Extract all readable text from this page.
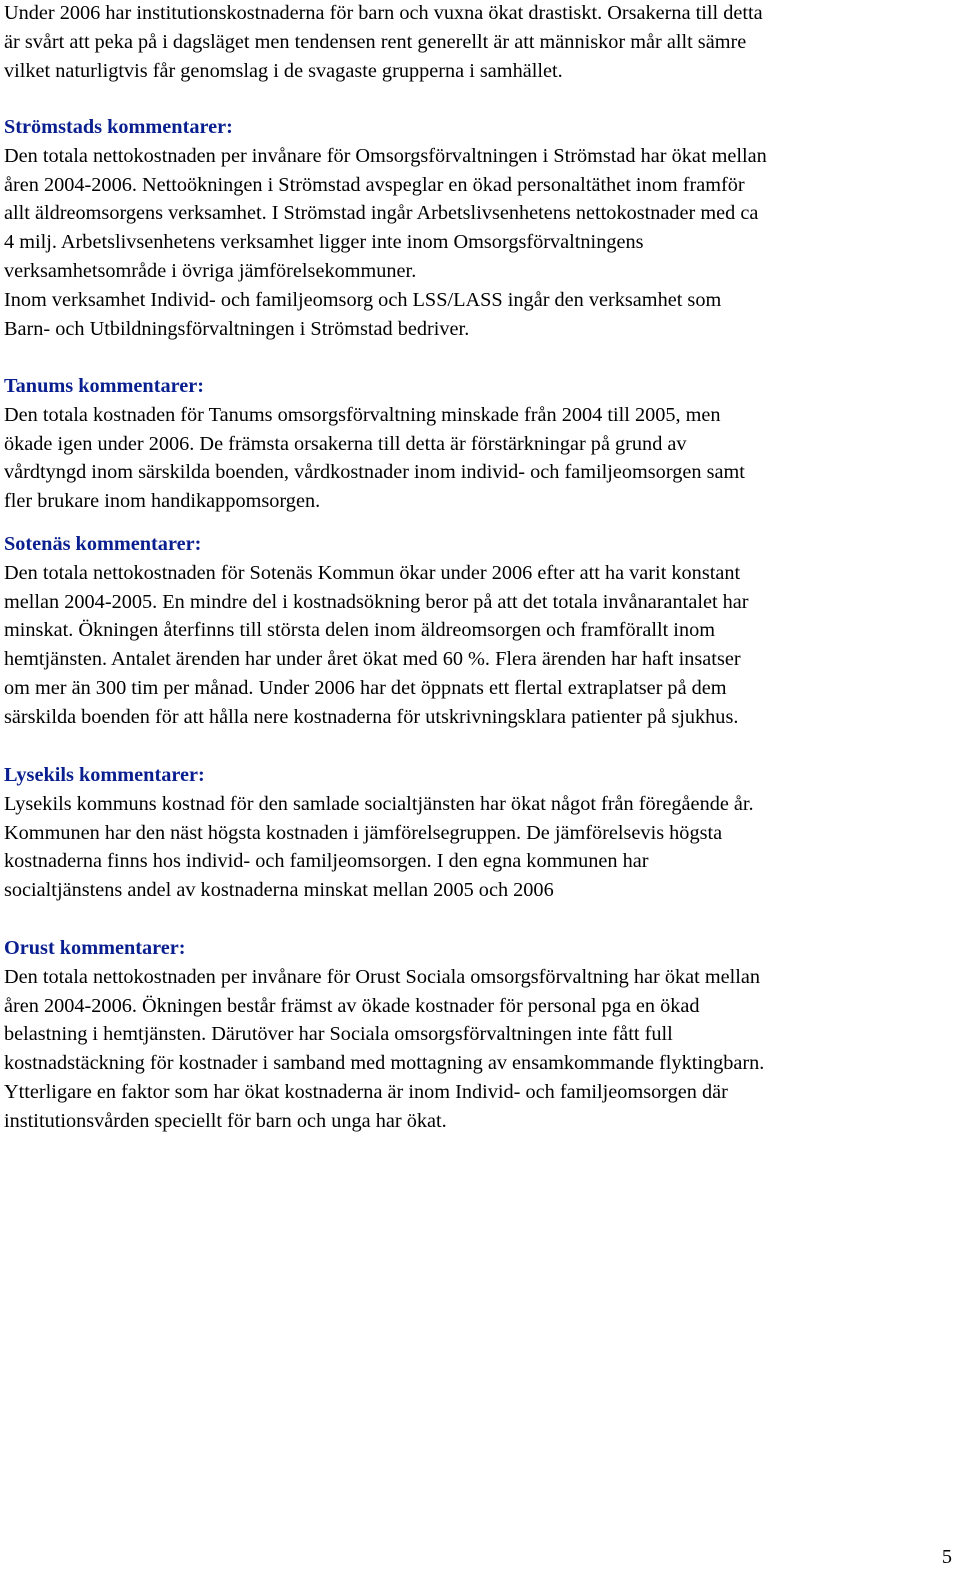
Under 2006 har institutionskostnaderna för barn och vuxna ökat drastiskt. Orsakerna till detta
är svårt att peka på i dagsläget men tendensen rent generellt är att människor mår allt sämre
vilket naturligtvis får genomslag i de svagaste grupperna i samhället.

Strömstads kommentarer:

Den totala nettokostnaden per invånare för Omsorgsförvaltningen i Strömstad har ökat mellan
åren 2004-2006. Nettoökningen i Strömstad avspeglar en ökad personaltäthet inom framför
allt äldreomsorgens verksamhet. I Strömstad ingår Arbetslivsenhetens nettokostnader med ca
4 milj. Arbetslivsenhetens verksamhet ligger inte inom Omsorgsförvaltningens
verksamhetsområde i övriga jämförelsekommuner.
Inom verksamhet Individ- och familjeomsorg och LSS/LASS ingår den verksamhet som
Barn- och Utbildningsförvaltningen i Strömstad bedriver.

Tanums kommentarer:

Den totala kostnaden för Tanums omsorgsförvaltning minskade från 2004 till 2005, men
ökade igen under 2006. De främsta orsakerna till detta är förstärkningar på grund av
vårdtyngd inom särskilda boenden, vårdkostnader inom individ- och familjeomsorgen samt
fler brukare inom handikappomsorgen.

Sotenäs kommentarer:

Den totala nettokostnaden för Sotenäs Kommun ökar under 2006 efter att ha varit konstant
mellan 2004-2005. En mindre del i kostnadsökning beror på att det totala invånarantalet har
minskat. Ökningen återfinns till största delen inom äldreomsorgen och framförallt inom
hemtjänsten. Antalet ärenden har under året ökat med 60 %. Flera ärenden har haft insatser
om mer än 300 tim per månad. Under 2006 har det öppnats ett flertal extraplatser på dem
särskilda boenden för att hålla nere kostnaderna för utskrivningsklara patienter på sjukhus.

Lysekils kommentarer:

Lysekils kommuns kostnad för den samlade socialtjänsten har ökat något från föregående år.
Kommunen har den näst högsta kostnaden i jämförelsegruppen. De jämförelsevis högsta
kostnaderna finns hos individ- och familjeomsorgen. I den egna kommunen har
socialtjänstens andel av kostnaderna minskat mellan 2005 och 2006

Orust kommentarer:

Den totala nettokostnaden per invånare för Orust Sociala omsorgsförvaltning har ökat mellan
åren 2004-2006. Ökningen består främst av ökade kostnader för personal pga en ökad
belastning i hemtjänsten. Därutöver har Sociala omsorgsförvaltningen inte fått full
kostnadstäckning för kostnader i samband med mottagning av ensamkommande flyktingbarn.
Ytterligare en faktor som har ökat kostnaderna är inom Individ- och familjeomsorgen där
institutionsvården speciellt för barn och unga har ökat.

5
